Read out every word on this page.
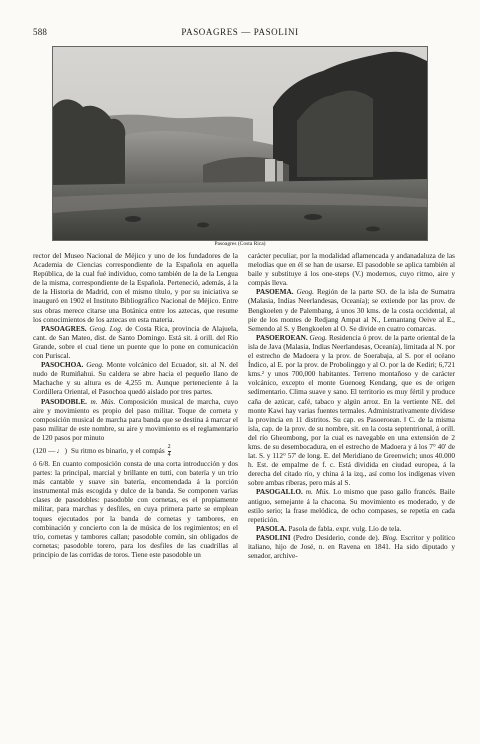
588	PASOAGRES — PASOLINI
Pasoagres (Costa Rica)

rector del Museo Nacional de Méjico y uno de los fundadores de la Academia de Ciencias correspondiente de la Española en aquella República, de la cual fué individuo, como también de la de la Lengua de la misma, correspondiente de la Española. Perteneció, además, á la de la Historia de Madrid, con el mismo título, y por su iniciativa se inauguró en 1902 el Instituto Bibliográfico Nacional de Méjico. Entre sus obras merece citarse una Botánica entre los aztecas, que resume los conocimientos de los aztecas en esta materia.

PASOAGRES. Geog. Log. de Costa Rica, provincia de Alajuela, cant. de San Mateo, dist. de Santo Domingo. Está sit. á orill. del Río Grande, sobre el cual tiene un puente que lo pone en comunicación con Puriscal.

PASOCHOA. Geog. Monte volcánico del Ecuador, sit. al N. del nudo de Rumiñahui. Su caldera se abre hacia el pequeño llano de Machache y su altura es de 4,255 m. Aunque perteneciente á la Cordillera Oriental, el Pasochoa quedó aislado por tres partes.

PASODOBLE. m. Mús. Composición musical de marcha, cuyo aire y movimiento es propio del paso militar. Toque de corneta y composición musical de marcha para banda que se destina á marcar el paso militar de este nombre, su aire y movimiento es el reglamentario de 120 pasos por minuto

(120 — ♩ ) Su ritmo es binario, y el compás $\frac{2}{4}$

ó 6/8. En cuanto composición consta de una corta introducción y dos partes: la principal, marcial y brillante en tutti, con batería y un trío más cantable y suave sin batería, encomendada á la porción instrumental más escogida y dulce de la banda. Se componen varias clases de pasodobles: pasodoble con cornetas, es el propiamente militar, para marchas y desfiles, en cuya primera parte se emplean toques ejecutados por la banda de cornetas y tambores, en combinación y concierto con la de música de los regimientos; en el trío, cornetas y tambores callan; pasodoble común, sin obligados de cornetas; pasodoble torero, para los desfiles de las cuadrillas al principio de las corridas de toros. Tiene este pasodoble un

carácter peculiar, por la modalidad aflamencada y andanadaluza de las melodías que en él se han de usarse. El pasodoble se aplica también al baile y substituye á los one-steps (V.) modernos, cuyo ritmo, aire y compás lleva.

PASOEMA. Geog. Región de la parte SO. de la isla de Sumatra (Malasia, Indias Neerlandesas, Oceanía); se extiende por las prov. de Bengkoelen y de Palembang, á unos 30 kms. de la costa occidental, al pie de los montes de Redjang Ampat al N., Lemantang Oeive al E., Semendo al S. y Bengkoelen al O. Se divide en cuatro comarcas.

PASOEROEAN. Geog. Residencia ó prov. de la parte oriental de la isla de Java (Malasia, Indias Neerlandesas, Oceanía), limitada al N. por el estrecho de Madoera y la prov. de Soerabaja, al S. por el océano Índico, al E. por la prov. de Probolinggo y al O. por la de Kediri; 6,721 kms.² y unos 700,000 habitantes. Terreno montañoso y de carácter volcánico, excepto el monte Guenoeg Kendang, que es de origen sedimentario. Clima suave y sano. El territorio es muy fértil y produce caña de azúcar, café, tabaco y algún arroz. En la vertiente NE. del monte Kawi hay varias fuentes termales. Administrativamente dividese la provincia en 11 distritos. Su cap. es Pasoeroean. ‖ C. de la misma isla, cap. de la prov. de su nombre, sit. en la costa septentrional, á orill. del río Gheombong, por la cual es navegable en una extensión de 2 kms. de su desembocadura, en el estrecho de Madoera y á los 7° 40' de lat. S. y 112° 57' de long. E. del Meridiano de Greenwich; unos 40.000 h. Est. de empalme de f. c. Está dividida en ciudad europea, á la derecha del citado río, y china á la izq., así como los indígenas viven sobre ambas riberas, pero más al S.

PASOGALLO. m. Mús. Lo mismo que paso gallo francés. Baile antiguo, semejante á la chacona. Su movimiento es moderado, y de estilo serio; la frase melódica, de ocho compases, se repetía en cada repetición.

PASOLA. Pasola de fabla. expr. vulg. Lío de tela.

PASOLINI (Pedro Desiderio, conde de). Biog. Escritor y político italiano, hijo de José, n. en Ravena en 1841. Ha sido diputado y senador, archive-
